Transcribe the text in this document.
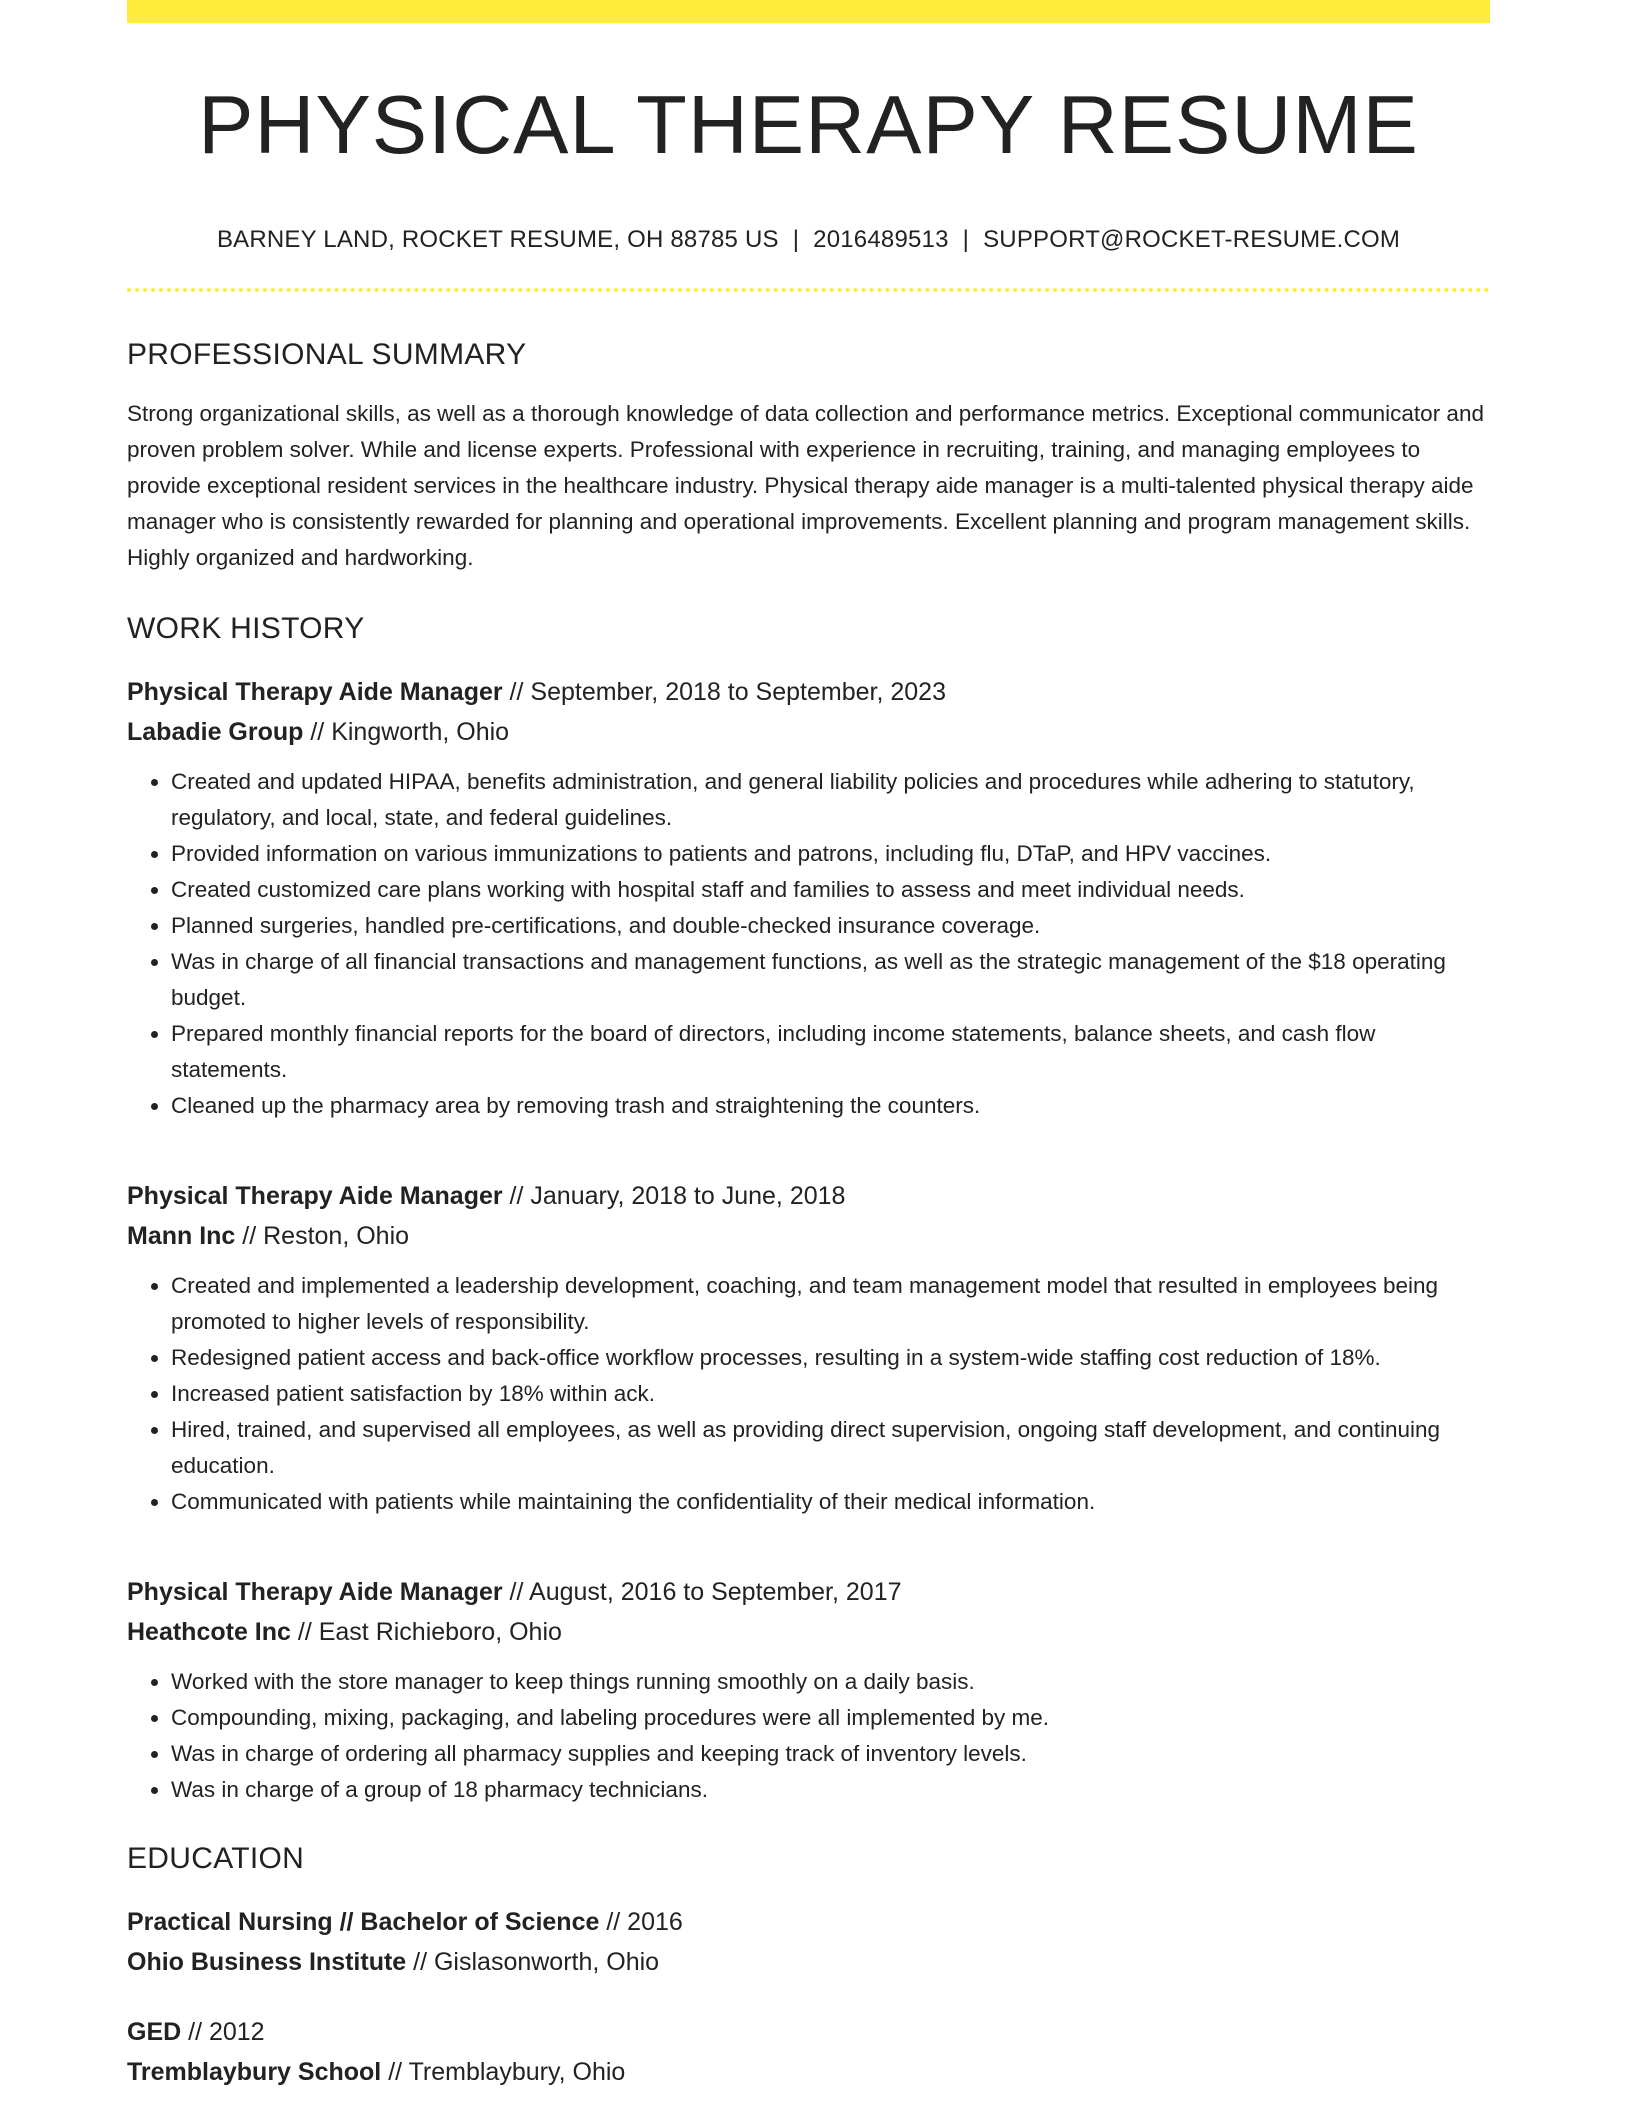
PHYSICAL THERAPY RESUME
BARNEY LAND, ROCKET RESUME, OH 88785 US | 2016489513 | SUPPORT@ROCKET-RESUME.COM
PROFESSIONAL SUMMARY

Strong organizational skills, as well as a thorough knowledge of data collection and performance metrics. Exceptional communicator and proven problem solver. While and license experts. Professional with experience in recruiting, training, and managing employees to provide exceptional resident services in the healthcare industry. Physical therapy aide manager is a multi-talented physical therapy aide manager who is consistently rewarded for planning and operational improvements. Excellent planning and program management skills. Highly organized and hardworking.

WORK HISTORY
Physical Therapy Aide Manager // September, 2018 to September, 2023
Labadie Group // Kingworth, Ohio
• Created and updated HIPAA, benefits administration, and general liability policies and procedures while adhering to statutory, regulatory, and local, state, and federal guidelines.
• Provided information on various immunizations to patients and patrons, including flu, DTaP, and HPV vaccines.
• Created customized care plans working with hospital staff and families to assess and meet individual needs.
• Planned surgeries, handled pre-certifications, and double-checked insurance coverage.
• Was in charge of all financial transactions and management functions, as well as the strategic management of the $18 operating budget.
• Prepared monthly financial reports for the board of directors, including income statements, balance sheets, and cash flow statements.
• Cleaned up the pharmacy area by removing trash and straightening the counters.
Physical Therapy Aide Manager // January, 2018 to June, 2018
Mann Inc // Reston, Ohio
• Created and implemented a leadership development, coaching, and team management model that resulted in employees being promoted to higher levels of responsibility.
• Redesigned patient access and back-office workflow processes, resulting in a system-wide staffing cost reduction of 18%.
• Increased patient satisfaction by 18% within ack.
• Hired, trained, and supervised all employees, as well as providing direct supervision, ongoing staff development, and continuing education.
• Communicated with patients while maintaining the confidentiality of their medical information.
Physical Therapy Aide Manager // August, 2016 to September, 2017
Heathcote Inc // East Richieboro, Ohio
• Worked with the store manager to keep things running smoothly on a daily basis.
• Compounding, mixing, packaging, and labeling procedures were all implemented by me.
• Was in charge of ordering all pharmacy supplies and keeping track of inventory levels.
• Was in charge of a group of 18 pharmacy technicians.
EDUCATION
Practical Nursing // Bachelor of Science // 2016
Ohio Business Institute // Gislasonworth, Ohio
GED // 2012
Tremblaybury School // Tremblaybury, Ohio
